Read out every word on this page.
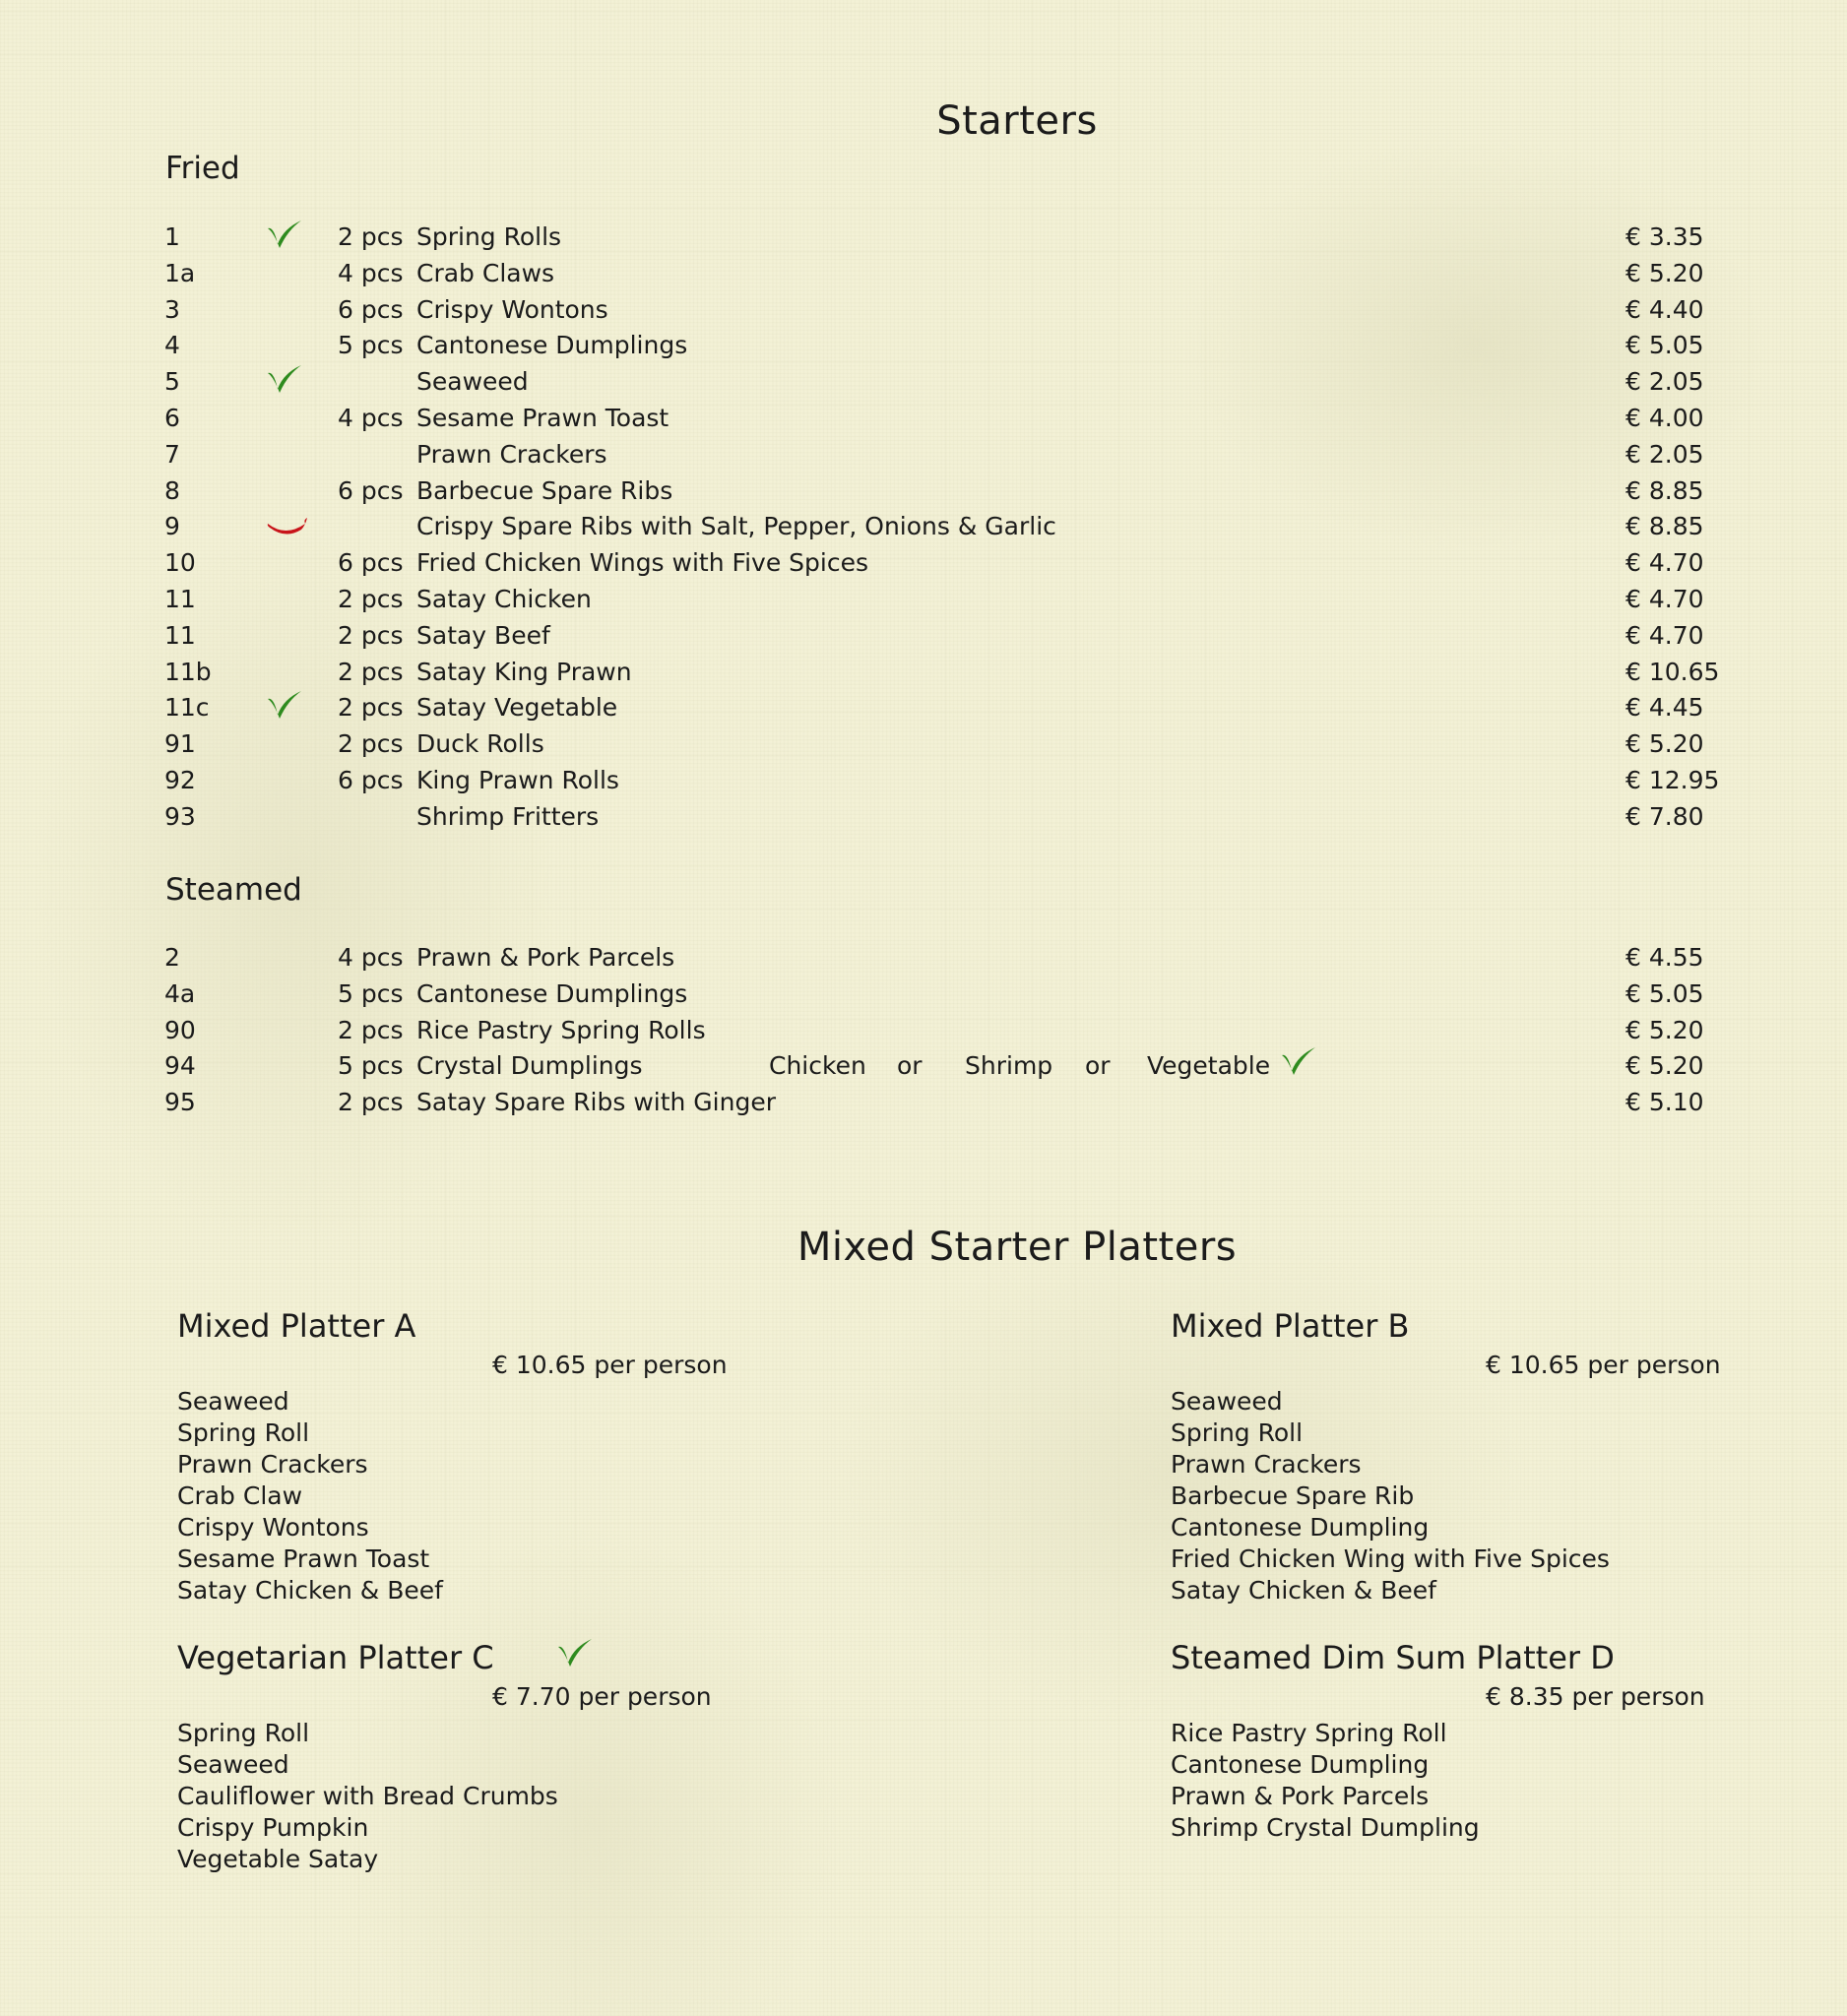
Starters
Fried
1	2 pcs Spring Rolls	€ 3.35
1a	4 pcs Crab Claws	€ 5.20
3	6 pcs Crispy Wontons	€ 4.40
4	5 pcs Cantonese Dumplings	€ 5.05
5	Seaweed	€ 2.05
6	4 pcs Sesame Prawn Toast	€ 4.00
7	Prawn Crackers	€ 2.05
8	6 pcs Barbecue Spare Ribs	€ 8.85
9	Crispy Spare Ribs with Salt, Pepper, Onions & Garlic	€ 8.85
10	6 pcs Fried Chicken Wings with Five Spices	€ 4.70
11	2 pcs Satay Chicken	€ 4.70
11	2 pcs Satay Beef	€ 4.70
11b	2 pcs Satay King Prawn	€ 10.65
11c	2 pcs Satay Vegetable	€ 4.45
91	2 pcs Duck Rolls	€ 5.20
92	6 pcs King Prawn Rolls	€ 12.95
93	Shrimp Fritters	€ 7.80
Steamed
2	4 pcs Prawn & Pork Parcels	€ 4.55
4a	5 pcs Cantonese Dumplings	€ 5.05
90	2 pcs Rice Pastry Spring Rolls	€ 5.20
94	5 pcs Crystal Dumplings	€ 5.20
Chicken or Shrimp or Vegetable
95	2 pcs Satay Spare Ribs with Ginger	€ 5.10
Mixed Starter Platters
Mixed Platter A
€ 10.65 per person
Seaweed
Spring Roll
Prawn Crackers
Crab Claw
Crispy Wontons
Sesame Prawn Toast
Satay Chicken & Beef
Mixed Platter B
€ 10.65 per person
Seaweed
Spring Roll
Prawn Crackers
Barbecue Spare Rib
Cantonese Dumpling
Fried Chicken Wing with Five Spices
Satay Chicken & Beef
Vegetarian Platter C
€ 7.70 per person
Spring Roll
Seaweed
Cauliflower with Bread Crumbs
Crispy Pumpkin
Vegetable Satay
Steamed Dim Sum Platter D
€ 8.35 per person
Rice Pastry Spring Roll
Cantonese Dumpling
Prawn & Pork Parcels
Shrimp Crystal Dumpling
